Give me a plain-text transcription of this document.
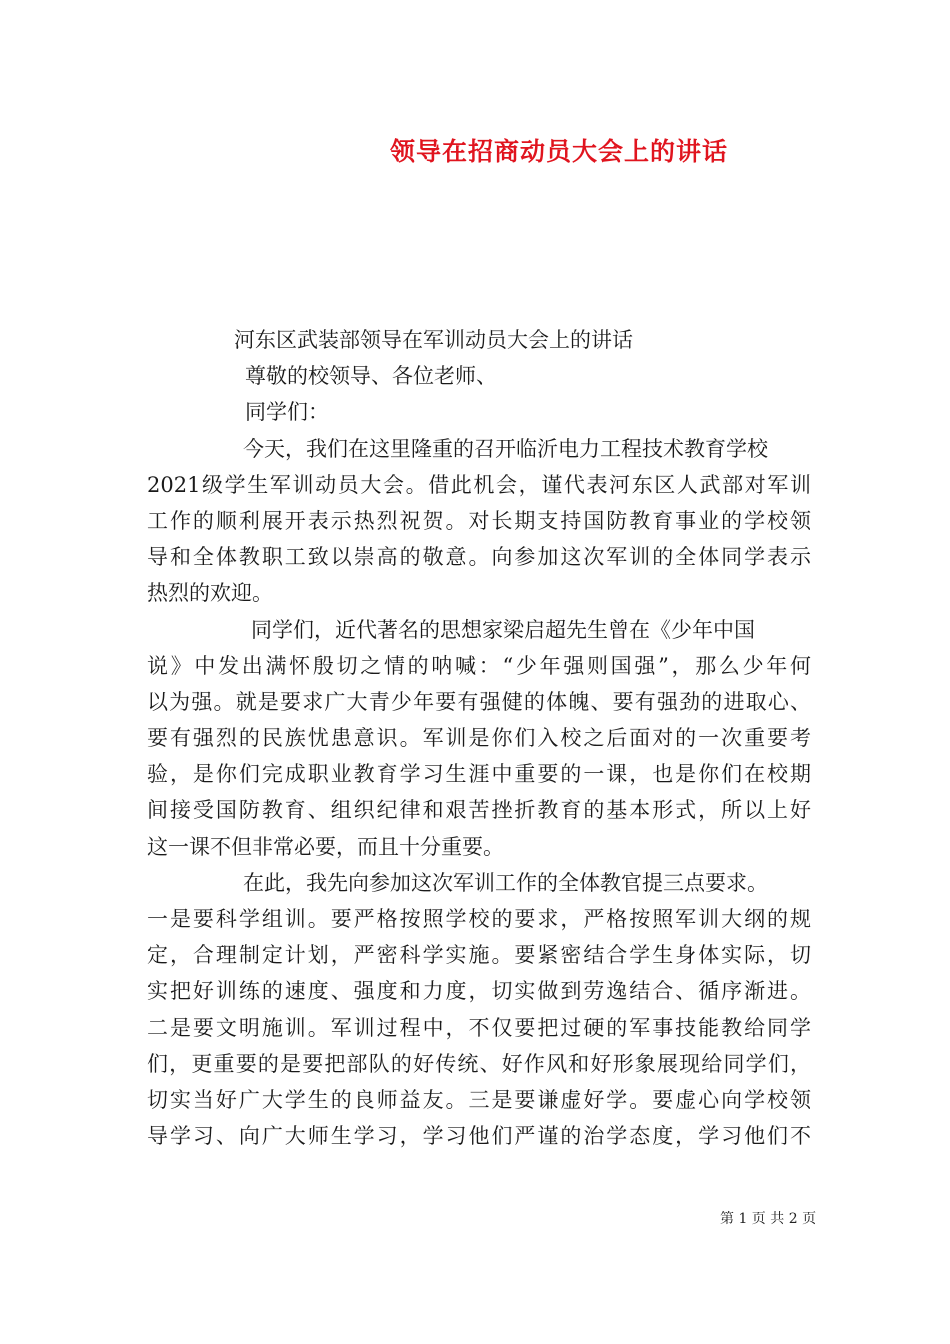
领导在招商动员大会上的讲话
河东区武装部领导在军训动员大会上的讲话
尊敬的校领导、各位老师、
同学们：
今天，我们在这里隆重的召开临沂电力工程技术教育学校
2021级学生军训动员大会。借此机会，谨代表河东区人武部对军训
工作的顺利展开表示热烈祝贺。对长期支持国防教育事业的学校领
导和全体教职工致以崇高的敬意。向参加这次军训的全体同学表示
热烈的欢迎。
同学们，近代著名的思想家梁启超先生曾在《少年中国
说》中发出满怀殷切之情的呐喊：“少年强则国强”，那么少年何
以为强。就是要求广大青少年要有强健的体魄、要有强劲的进取心、
要有强烈的民族忧患意识。军训是你们入校之后面对的一次重要考
验，是你们完成职业教育学习生涯中重要的一课，也是你们在校期
间接受国防教育、组织纪律和艰苦挫折教育的基本形式，所以上好
这一课不但非常必要，而且十分重要。
在此，我先向参加这次军训工作的全体教官提三点要求。
一是要科学组训。要严格按照学校的要求，严格按照军训大纲的规
定，合理制定计划，严密科学实施。要紧密结合学生身体实际，切
实把好训练的速度、强度和力度，切实做到劳逸结合、循序渐进。
二是要文明施训。军训过程中，不仅要把过硬的军事技能教给同学
们，更重要的是要把部队的好传统、好作风和好形象展现给同学们，
切实当好广大学生的良师益友。三是要谦虚好学。要虚心向学校领
导学习、向广大师生学习，学习他们严谨的治学态度，学习他们不
第 1 页 共 2 页
